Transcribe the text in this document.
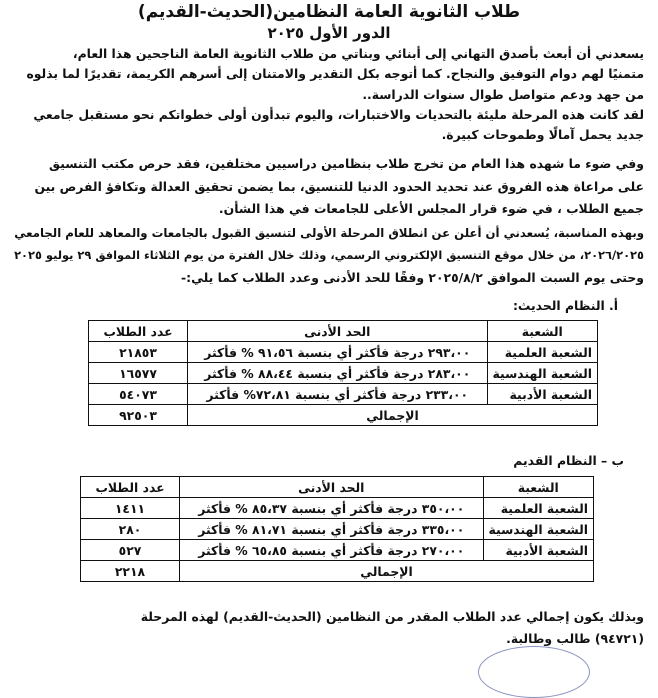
طلاب الثانوية العامة النظامين(الحديث-القديم)
الدور الأول ٢٠٢٥
يسعدني أن أبعث بأصدق التهاني إلى أبنائي وبناتي من طلاب الثانوية العامة الناجحين هذا العام،
متمنيًا لهم دوام التوفيق والنجاح. كما أتوجه بكل التقدير والامتنان إلى أسرهم الكريمة، تقديرًا لما بذلوه
من جهد ودعم متواصل طوال سنوات الدراسة..
لقد كانت هذه المرحلة مليئة بالتحديات والاختبارات، واليوم تبدأون أولى خطواتكم نحو مستقبل جامعي
جديد يحمل آمالًا وطموحات كبيرة.
وفي ضوء ما شهده هذا العام من تخرج طلاب بنظامين دراسيين مختلفين، فقد حرص مكتب التنسيق
على مراعاة هذه الفروق عند تحديد الحدود الدنيا للتنسيق، بما يضمن تحقيق العدالة وتكافؤ الفرص بين
جميع الطلاب ، في ضوء قرار المجلس الأعلى للجامعات في هذا الشأن.
وبهذه المناسبة، يُسعدني أن أعلن عن انطلاق المرحلة الأولى لتنسيق القبول بالجامعات والمعاهد للعام الجامعي
٢٠٢٦/٢٠٢٥، من خلال موقع التنسيق الإلكتروني الرسمي، وذلك خلال الفترة من يوم الثلاثاء الموافق ٢٩ يوليو ٢٠٢٥
وحتى يوم السبت الموافق ٢٠٢٥/٨/٢ وفقًا للحد الأدنى وعدد الطلاب كما يلي:-
أ. النظام الحديث:
الشعبة	الحد الأدنى	عدد الطلاب
الشعبة العلمية	٢٩٣،٠٠ درجة فأكثر أي بنسبة ٩١،٥٦ % فأكثر	٢١٨٥٣
الشعبة الهندسية	٢٨٣،٠٠ درجة فأكثر أي بنسبة ٨٨،٤٤ % فأكثر	١٦٥٧٧
الشعبة الأدبية	٢٣٣،٠٠ درجة فأكثر أي بنسبة ٧٢،٨١% فأكثر	٥٤٠٧٣
الإجمالي		٩٢٥٠٣
ب – النظام القديم
الشعبة	الحد الأدنى	عدد الطلاب
الشعبة العلمية	٣٥٠،٠٠ درجة فأكثر أي بنسبة ٨٥،٣٧ % فأكثر	١٤١١
الشعبة الهندسية	٣٣٥،٠٠ درجة فأكثر أي بنسبة ٨١،٧١ % فأكثر	٢٨٠
الشعبة الأدبية	٢٧٠،٠٠ درجة فأكثر أي بنسبة ٦٥،٨٥ % فأكثر	٥٢٧
الإجمالي		٢٢١٨
وبذلك يكون إجمالي عدد الطلاب المقدر من النظامين (الحديث-القديم) لهذه المرحلة
(٩٤٧٢١) طالب وطالبة.
